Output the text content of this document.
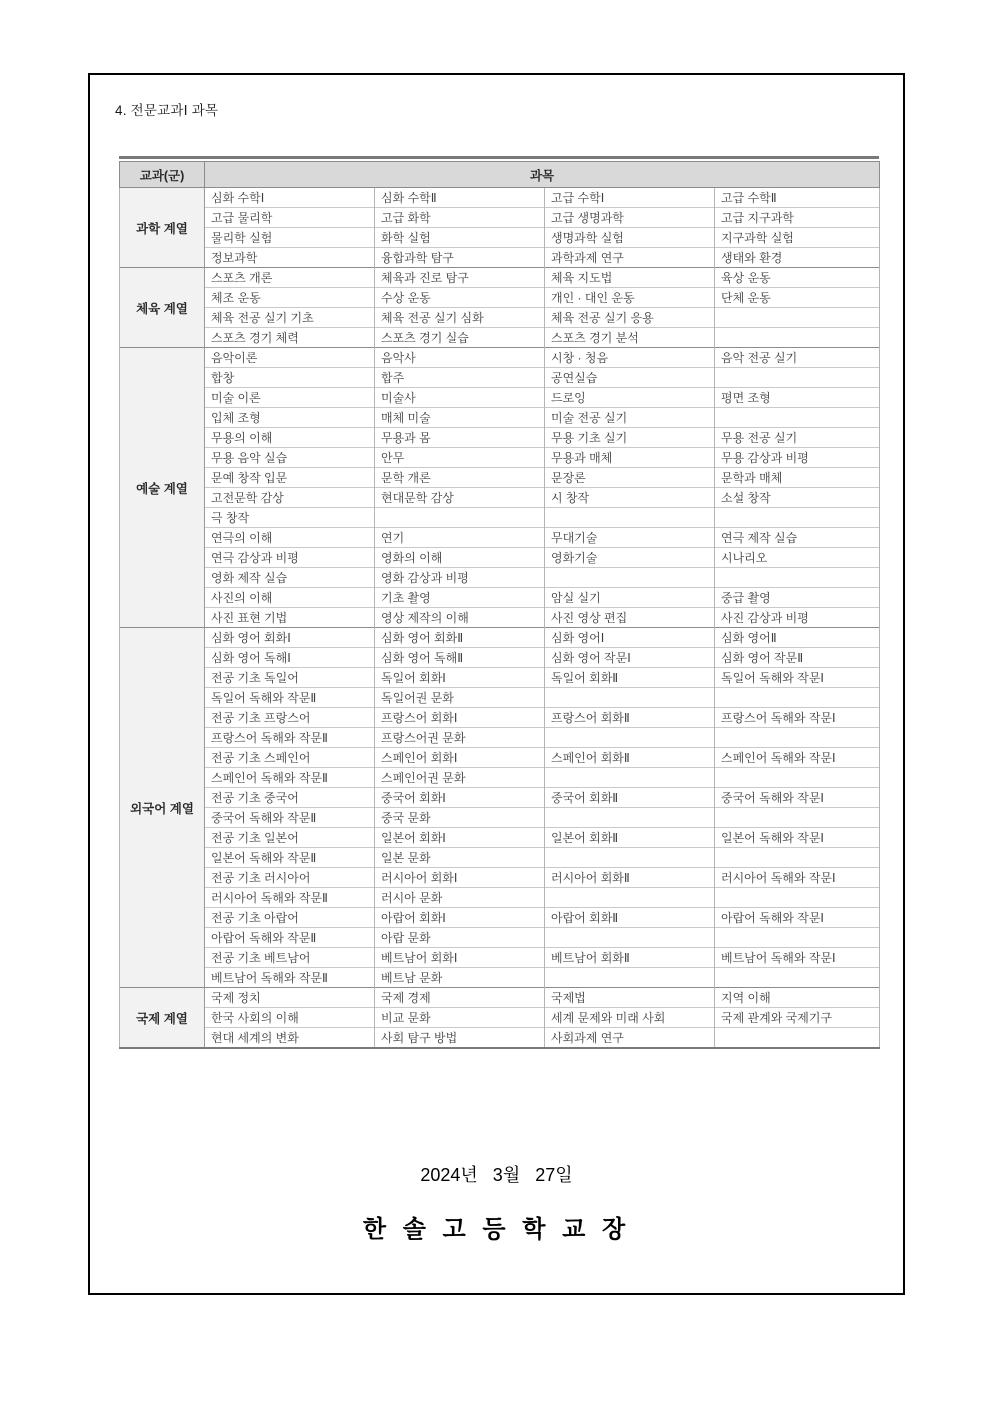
4. 전문교과Ⅰ 과목
교과(군)	과목			
과학 계열	심화 수학Ⅰ	심화 수학Ⅱ	고급 수학Ⅰ	고급 수학Ⅱ
	고급 물리학	고급 화학	고급 생명과학	고급 지구과학
	물리학 실험	화학 실험	생명과학 실험	지구과학 실험
	정보과학	융합과학 탐구	과학과제 연구	생태와 환경
체육 계열	스포츠 개론	체육과 진로 탐구	체육 지도법	육상 운동
	체조 운동	수상 운동	개인 · 대인 운동	단체 운동
	체육 전공 실기 기초	체육 전공 실기 심화	체육 전공 실기 응용	
	스포츠 경기 체력	스포츠 경기 실습	스포츠 경기 분석	
예술 계열	음악이론	음악사	시창 · 청음	음악 전공 실기
	합창	합주	공연실습	
	미술 이론	미술사	드로잉	평면 조형
	입체 조형	매체 미술	미술 전공 실기	
	무용의 이해	무용과 몸	무용 기초 실기	무용 전공 실기
	무용 음악 실습	안무	무용과 매체	무용 감상과 비평
	문예 창작 입문	문학 개론	문장론	문학과 매체
	고전문학 감상	현대문학 감상	시 창작	소설 창작
	극 창작			
	연극의 이해	연기	무대기술	연극 제작 실습
	연극 감상과 비평	영화의 이해	영화기술	시나리오
	영화 제작 실습	영화 감상과 비평		
	사진의 이해	기초 촬영	암실 실기	중급 촬영
	사진 표현 기법	영상 제작의 이해	사진 영상 편집	사진 감상과 비평
외국어 계열	심화 영어 회화Ⅰ	심화 영어 회화Ⅱ	심화 영어Ⅰ	심화 영어Ⅱ
	심화 영어 독해Ⅰ	심화 영어 독해Ⅱ	심화 영어 작문Ⅰ	심화 영어 작문Ⅱ
	전공 기초 독일어	독일어 회화Ⅰ	독일어 회화Ⅱ	독일어 독해와 작문Ⅰ
	독일어 독해와 작문Ⅱ	독일어권 문화		
	전공 기초 프랑스어	프랑스어 회화Ⅰ	프랑스어 회화Ⅱ	프랑스어 독해와 작문Ⅰ
	프랑스어 독해와 작문Ⅱ	프랑스어권 문화		
	전공 기초 스페인어	스페인어 회화Ⅰ	스페인어 회화Ⅱ	스페인어 독해와 작문Ⅰ
	스페인어 독해와 작문Ⅱ	스페인어권 문화		
	전공 기초 중국어	중국어 회화Ⅰ	중국어 회화Ⅱ	중국어 독해와 작문Ⅰ
	중국어 독해와 작문Ⅱ	중국 문화		
	전공 기초 일본어	일본어 회화Ⅰ	일본어 회화Ⅱ	일본어 독해와 작문Ⅰ
	일본어 독해와 작문Ⅱ	일본 문화		
	전공 기초 러시아어	러시아어 회화Ⅰ	러시아어 회화Ⅱ	러시아어 독해와 작문Ⅰ
	러시아어 독해와 작문Ⅱ	러시아 문화		
	전공 기초 아랍어	아랍어 회화Ⅰ	아랍어 회화Ⅱ	아랍어 독해와 작문Ⅰ
	아랍어 독해와 작문Ⅱ	아랍 문화		
	전공 기초 베트남어	베트남어 회화Ⅰ	베트남어 회화Ⅱ	베트남어 독해와 작문Ⅰ
	베트남어 독해와 작문Ⅱ	베트남 문화		
국제 계열	국제 정치	국제 경제	국제법	지역 이해
	한국 사회의 이해	비교 문화	세계 문제와 미래 사회	국제 관계와 국제기구
	현대 세계의 변화	사회 탐구 방법	사회과제 연구	
2024년   3월   27일
한 솔 고 등 학 교 장
